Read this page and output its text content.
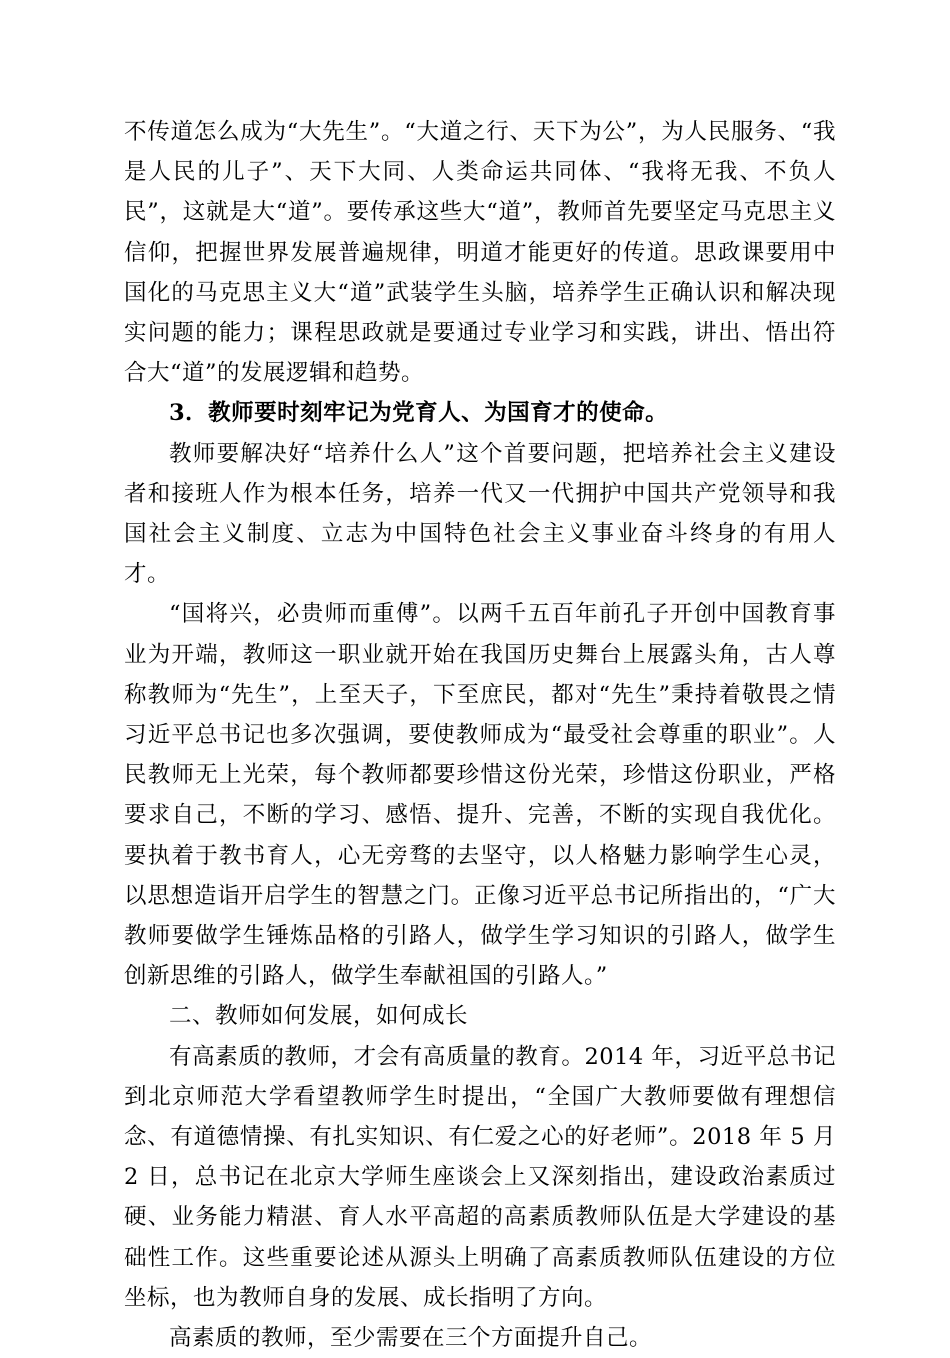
不传道怎么成为“大先生”。“大道之行、天下为公”，为人民服务、“我是人民的儿子”、天下大同、人类命运共同体、“我将无我、不负人民”，这就是大“道”。要传承这些大“道”，教师首先要坚定马克思主义信仰，把握世界发展普遍规律，明道才能更好的传道。思政课要用中国化的马克思主义大“道”武装学生头脑，培养学生正确认识和解决现实问题的能力；课程思政就是要通过专业学习和实践，讲出、悟出符合大“道”的发展逻辑和趋势。

3．教师要时刻牢记为党育人、为国育才的使命。

教师要解决好“培养什么人”这个首要问题，把培养社会主义建设者和接班人作为根本任务，培养一代又一代拥护中国共产党领导和我国社会主义制度、立志为中国特色社会主义事业奋斗终身的有用人才。

“国将兴，必贵师而重傅”。以两千五百年前孔子开创中国教育事业为开端，教师这一职业就开始在我国历史舞台上展露头角，古人尊称教师为“先生”，上至天子，下至庶民，都对“先生”秉持着敬畏之情习近平总书记也多次强调，要使教师成为“最受社会尊重的职业”。人民教师无上光荣，每个教师都要珍惜这份光荣，珍惜这份职业，严格要求自己，不断的学习、感悟、提升、完善，不断的实现自我优化。要执着于教书育人，心无旁骛的去坚守，以人格魅力影响学生心灵，以思想造诣开启学生的智慧之门。正像习近平总书记所指出的，“广大教师要做学生锤炼品格的引路人，做学生学习知识的引路人，做学生创新思维的引路人，做学生奉献祖国的引路人。”

二、教师如何发展，如何成长

有高素质的教师，才会有高质量的教育。2014 年，习近平总书记到北京师范大学看望教师学生时提出，“全国广大教师要做有理想信念、有道德情操、有扎实知识、有仁爱之心的好老师”。2018 年 5 月 2 日，总书记在北京大学师生座谈会上又深刻指出，建设政治素质过硬、业务能力精湛、育人水平高超的高素质教师队伍是大学建设的基础性工作。这些重要论述从源头上明确了高素质教师队伍建设的方位坐标，也为教师自身的发展、成长指明了方向。

高素质的教师，至少需要在三个方面提升自己。
